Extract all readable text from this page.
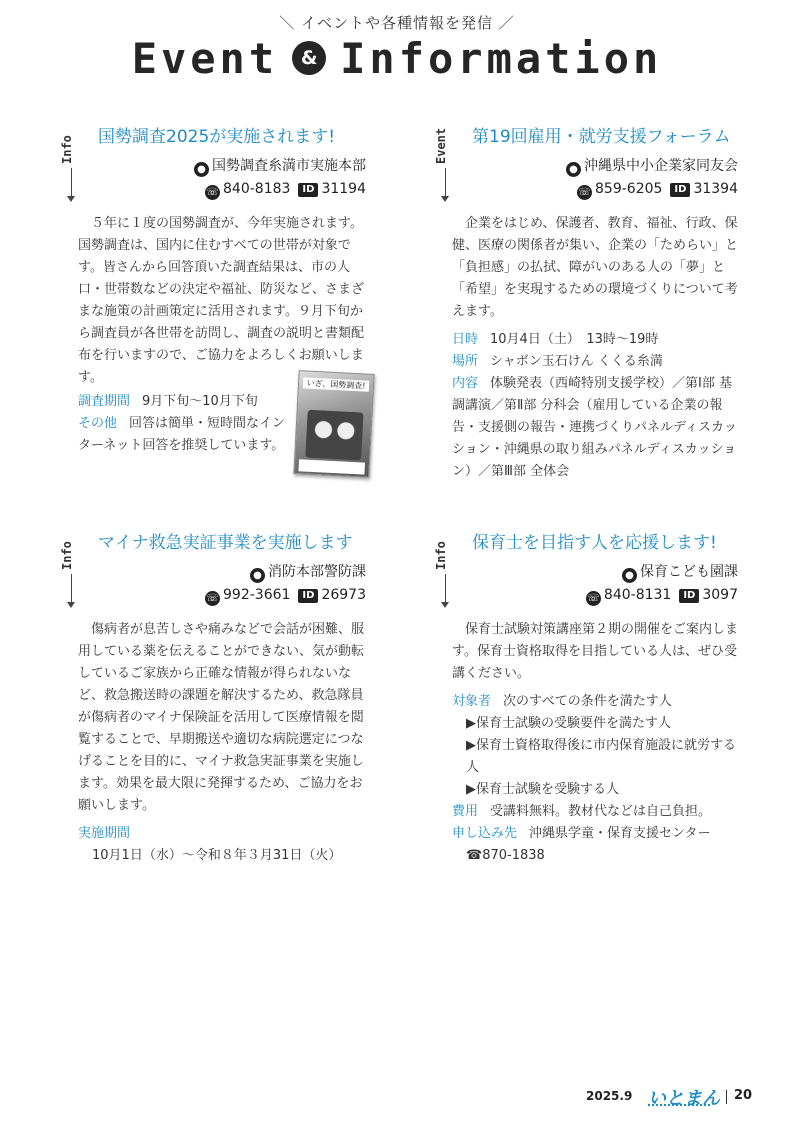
＼ イベントや各種情報を発信 ／
Event & Information
Info	国勢調査2025が実施されます!
● 国勢調査糸満市実施本部
☏ 840-8183 ID 31194

５年に１度の国勢調査が、今年実施されます。国勢調査は、国内に住むすべての世帯が対象です。皆さんから回答頂いた調査結果は、市の人口・世帯数などの決定や福祉、防災など、さまざまな施策の計画策定に活用されます。９月下旬から調査員が各世帯を訪問し、調査の説明と書類配布を行いますので、ご協力をよろしくお願いします。

調査期間 9月下旬～10月下旬
その他 回答は簡単・短時間なインターネット回答を推奨しています。
いざ、国勢調査!
Event	第19回雇用・就労支援フォーラム
● 沖縄県中小企業家同友会
☏ 859-6205 ID 31394

企業をはじめ、保護者、教育、福祉、行政、保健、医療の関係者が集い、企業の「ためらい」と「負担感」の払拭、障がいのある人の「夢」と「希望」を実現するための環境づくりについて考えます。

日時 10月4日（土）　13時～19時
場所 シャボン玉石けん くくる糸満
内容 体験発表（西崎特別支援学校）／第Ⅰ部 基調講演／第Ⅱ部 分科会（雇用している企業の報告・支援側の報告・連携づくりパネルディスカッション・沖縄県の取り組みパネルディスカッション）／第Ⅲ部 全体会
Info	マイナ救急実証事業を実施します
● 消防本部警防課
☏ 992-3661 ID 26973

傷病者が息苦しさや痛みなどで会話が困難、服用している薬を伝えることができない、気が動転しているご家族から正確な情報が得られないなど、救急搬送時の課題を解決するため、救急隊員が傷病者のマイナ保険証を活用して医療情報を閲覧することで、早期搬送や適切な病院選定につなげることを目的に、マイナ救急実証事業を実施します。効果を最大限に発揮するため、ご協力をお願いします。

実施期間
10月1日（水）～令和８年３月31日（火）
Info	保育士を目指す人を応援します!
● 保育こども園課
☏ 840-8131 ID 3097

保育士試験対策講座第２期の開催をご案内します。保育士資格取得を目指している人は、ぜひ受講ください。

対象者 次のすべての条件を満たす人
▶保育士試験の受験要件を満たす人
▶保育士資格取得後に市内保育施設に就労する人
▶保育士試験を受験する人
費用 受講料無料。教材代などは自己負担。
申し込み先 沖縄県学童・保育支援センター
☎870-1838
2025.9 いとまん 20
